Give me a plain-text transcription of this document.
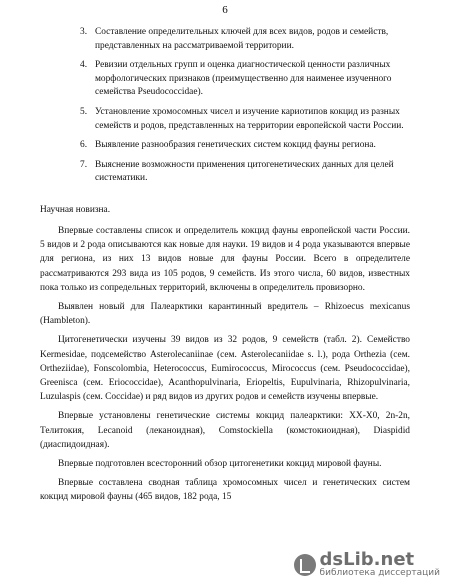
6
3. Составление определительных ключей для всех видов, родов и семейств, представленных на рассматриваемой территории.
4. Ревизии отдельных групп и оценка диагностической ценности различных морфологических признаков (преимущественно для наименее изученного семейства Pseudococcidae).
5. Установление хромосомных чисел и изучение кариотипов кокцид из разных семейств и родов, представленных на территории европейской части России.
6. Выявление разнообразия генетических систем кокцид фауны региона.
7. Выяснение возможности применения цитогенетических данных для целей систематики.
Научная новизна.

Впервые составлены список и определитель кокцид фауны европейской части России. 5 видов и 2 рода описываются как новые для науки. 19 видов и 4 рода указываются впервые для региона, из них 13 видов новые для фауны России. Всего в определителе рассматриваются 293 вида из 105 родов, 9 семейств. Из этого числа, 60 видов, известных пока только из сопредельных территорий, включены в определитель провизорно.

Выявлен новый для Палеарктики карантинный вредитель – Rhizoecus mexicanus (Hambleton).

Цитогенетически изучены 39 видов из 32 родов, 9 семейств (табл. 2). Семейство Kermesidae, подсемейство Asterolecaniinae (сем. Asterolecaniidae s. l.), рода Orthezia (сем. Ortheziidae), Fonscolombia, Heterococcus, Eumirococcus, Mirococcus (сем. Pseudococcidae), Greenisca (сем. Eriococcidae), Acanthopulvinaria, Eriopeltis, Eupulvinaria, Rhizopulvinaria, Luzulaspis (сем. Coccidae) и ряд видов из других родов и семейств изучены впервые.

Впервые установлены генетические системы кокцид палеарктики: XX-X0, 2n-2n, Телитокия, Lecanoid (леканоидная), Comstockiella (комстокиоидная), Diaspidid (диаспидоидная).

Впервые подготовлен всесторонний обзор цитогенетики кокцид мировой фауны.

Впервые составлена сводная таблица хромосомных чисел и генетических систем кокцид мировой фауны (465 видов, 182 рода, 15

dsLib.net
библиотека диссертаций
